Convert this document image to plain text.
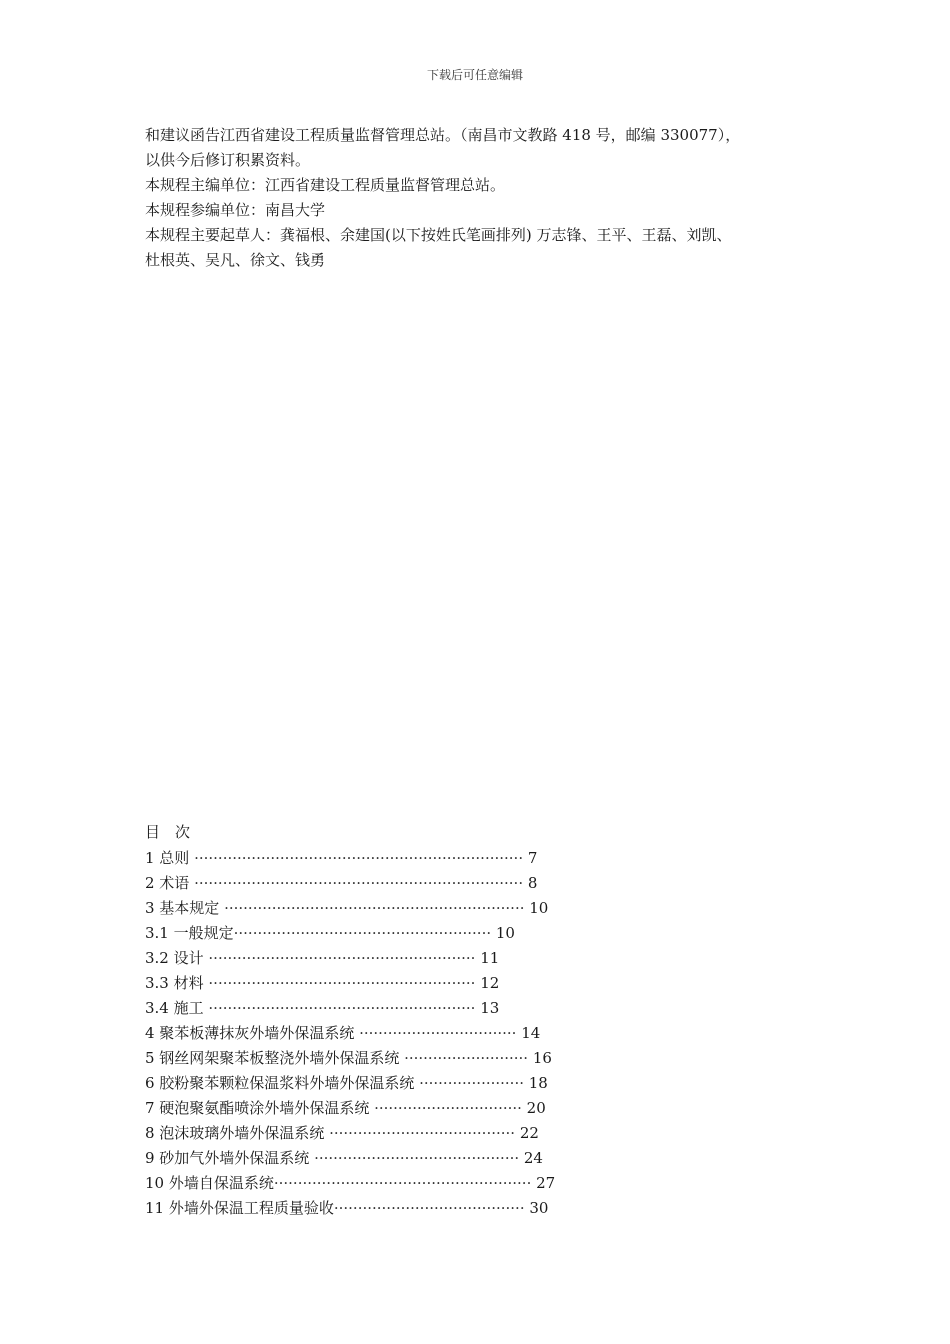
下载后可任意编辑
和建议函告江西省建设工程质量监督管理总站。（南昌市文教路 418 号，邮编 330077），
以供今后修订积累资料。
本规程主编单位：江西省建设工程质量监督管理总站。
本规程参编单位：南昌大学
本规程主要起草人：龚福根、余建国(以下按姓氏笔画排列) 万志锋、王平、王磊、刘凯、
杜根英、吴凡、徐文、钱勇
目　次
1 总则 ····································································· 7
2 术语 ····································································· 8
3 基本规定 ······························································· 10
3.1 一般规定······················································ 10
3.2 设计 ························································ 11
3.3 材料 ························································ 12
3.4 施工 ························································ 13
4 聚苯板薄抹灰外墙外保温系统 ································· 14
5 钢丝网架聚苯板整浇外墙外保温系统 ·························· 16
6 胶粉聚苯颗粒保温浆料外墙外保温系统 ······················ 18
7 硬泡聚氨酯喷涂外墙外保温系统 ······························· 20
8 泡沫玻璃外墙外保温系统 ······································· 22
9 砂加气外墙外保温系统 ··········································· 24
10 外墙自保温系统······················································ 27
11 外墙外保温工程质量验收········································ 30
